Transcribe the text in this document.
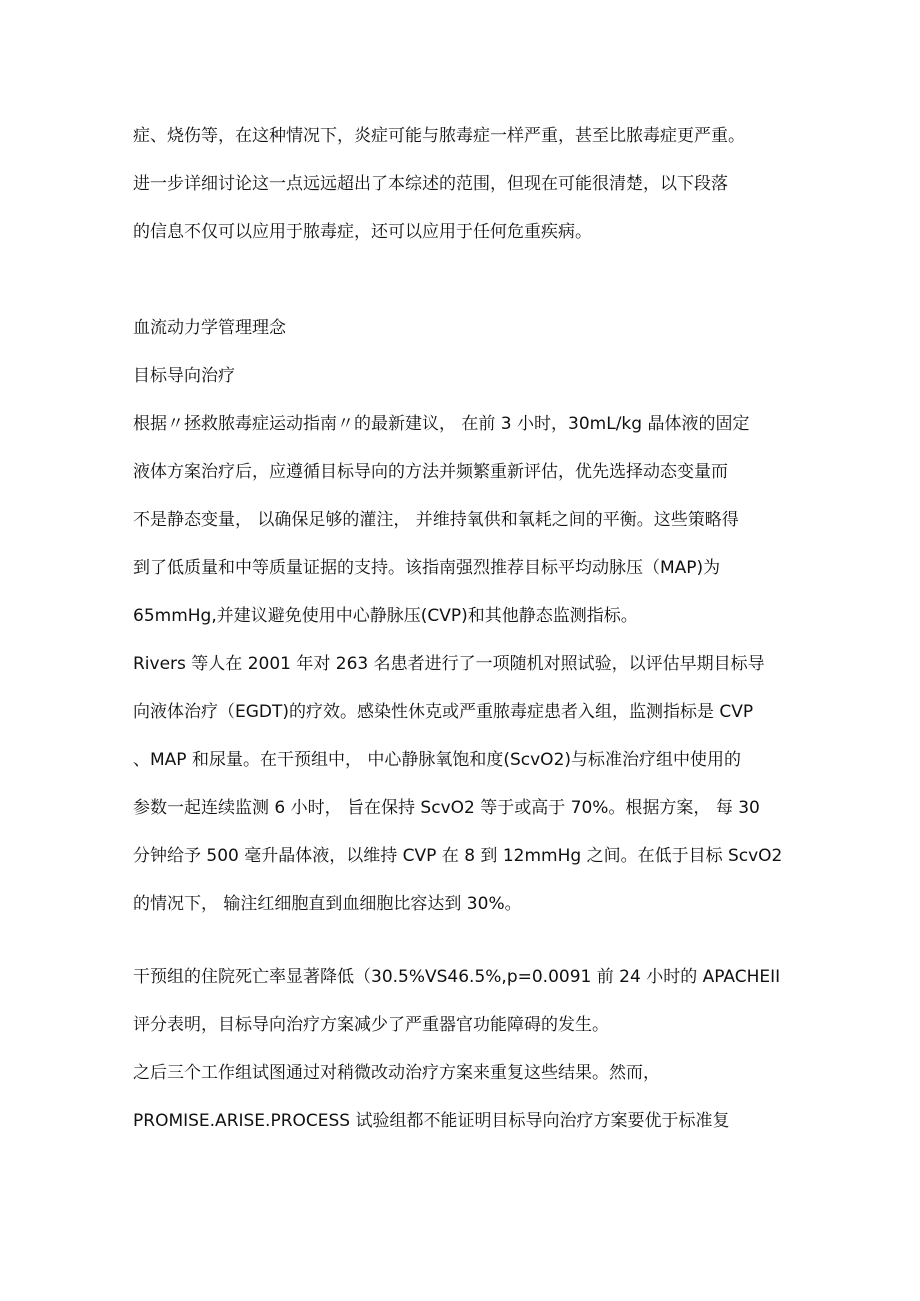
症、烧伤等，在这种情况下，炎症可能与脓毒症一样严重，甚至比脓毒症更严重。

进一步详细讨论这一点远远超出了本综述的范围，但现在可能很清楚，以下段落

的信息不仅可以应用于脓毒症，还可以应用于任何危重疾病。

血流动力学管理理念

目标导向治疗

根据〃拯救脓毒症运动指南〃的最新建议， 在前 3 小时，30mL/kg 晶体液的固定

液体方案治疗后，应遵循目标导向的方法并频繁重新评估，优先选择动态变量而

不是静态变量， 以确保足够的灌注， 并维持氧供和氧耗之间的平衡。这些策略得

到了低质量和中等质量证据的支持。该指南强烈推荐目标平均动脉压（MAP)为

65mmHg,并建议避免使用中心静脉压(CVP)和其他静态监测指标。

Rivers 等人在 2001 年对 263 名患者进行了一项随机对照试验，以评估早期目标导

向液体治疗（EGDT)的疗效。感染性休克或严重脓毒症患者入组，监测指标是 CVP

、MAP 和尿量。在干预组中， 中心静脉氧饱和度(ScvO2)与标准治疗组中使用的

参数一起连续监测 6 小时， 旨在保持 ScvO2 等于或高于 70%。根据方案， 每 30

分钟给予 500 毫升晶体液，以维持 CVP 在 8 到 12mmHg 之间。在低于目标 ScvO2

的情况下， 输注红细胞直到血细胞比容达到 30%。

干预组的住院死亡率显著降低（30.5%VS46.5%,p=0.0091 前 24 小时的 APACHEII

评分表明，目标导向治疗方案减少了严重器官功能障碍的发生。

之后三个工作组试图通过对稍微改动治疗方案来重复这些结果。然而，

PROMISE.ARISE.PROCESS 试验组都不能证明目标导向治疗方案要优于标准复
